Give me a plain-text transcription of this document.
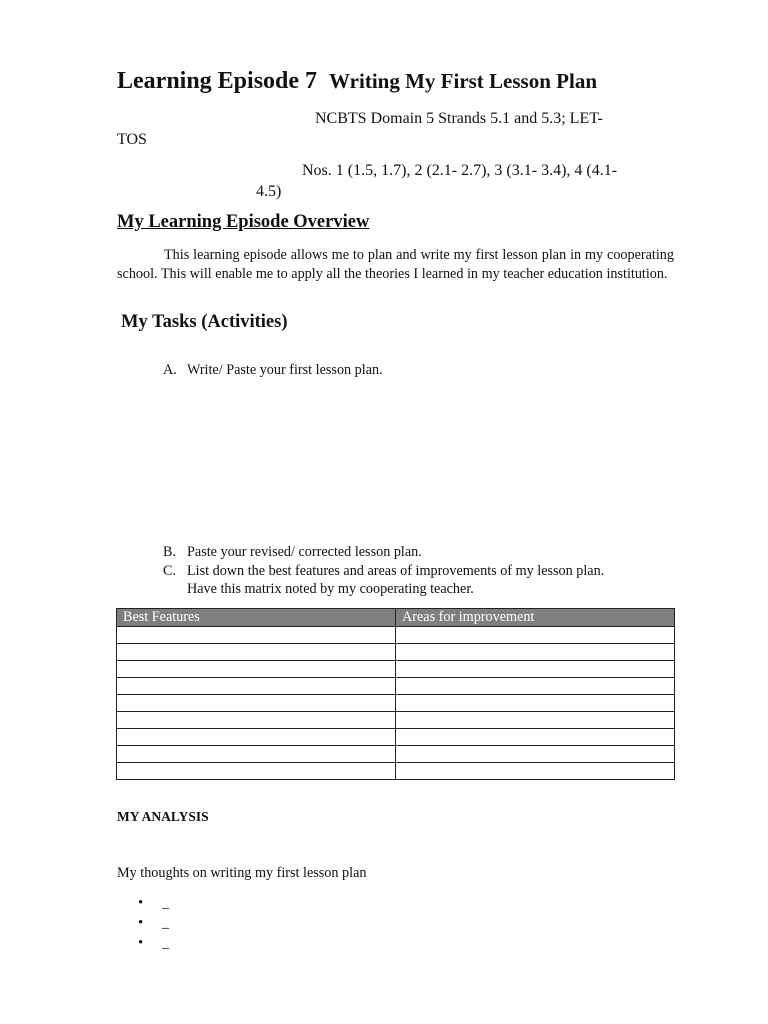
Learning Episode 7 Writing My First Lesson Plan
NCBTS Domain 5 Strands 5.1 and 5.3; LET-
TOS
Nos. 1 (1.5, 1.7), 2 (2.1- 2.7), 3 (3.1- 3.4), 4 (4.1-
4.5)
My Learning Episode Overview
This learning episode allows me to plan and write my first lesson plan in my cooperating school. This will enable me to apply all the theories I learned in my teacher education institution.
My Tasks (Activities)
A. Write/ Paste your first lesson plan.
B. Paste your revised/ corrected lesson plan.
C. List down the best features and areas of improvements of my lesson plan.
Have this matrix noted by my cooperating teacher.
Best Features	Areas for improvement

MY ANALYSIS
My thoughts on writing my first lesson plan
• _
• _
• _
